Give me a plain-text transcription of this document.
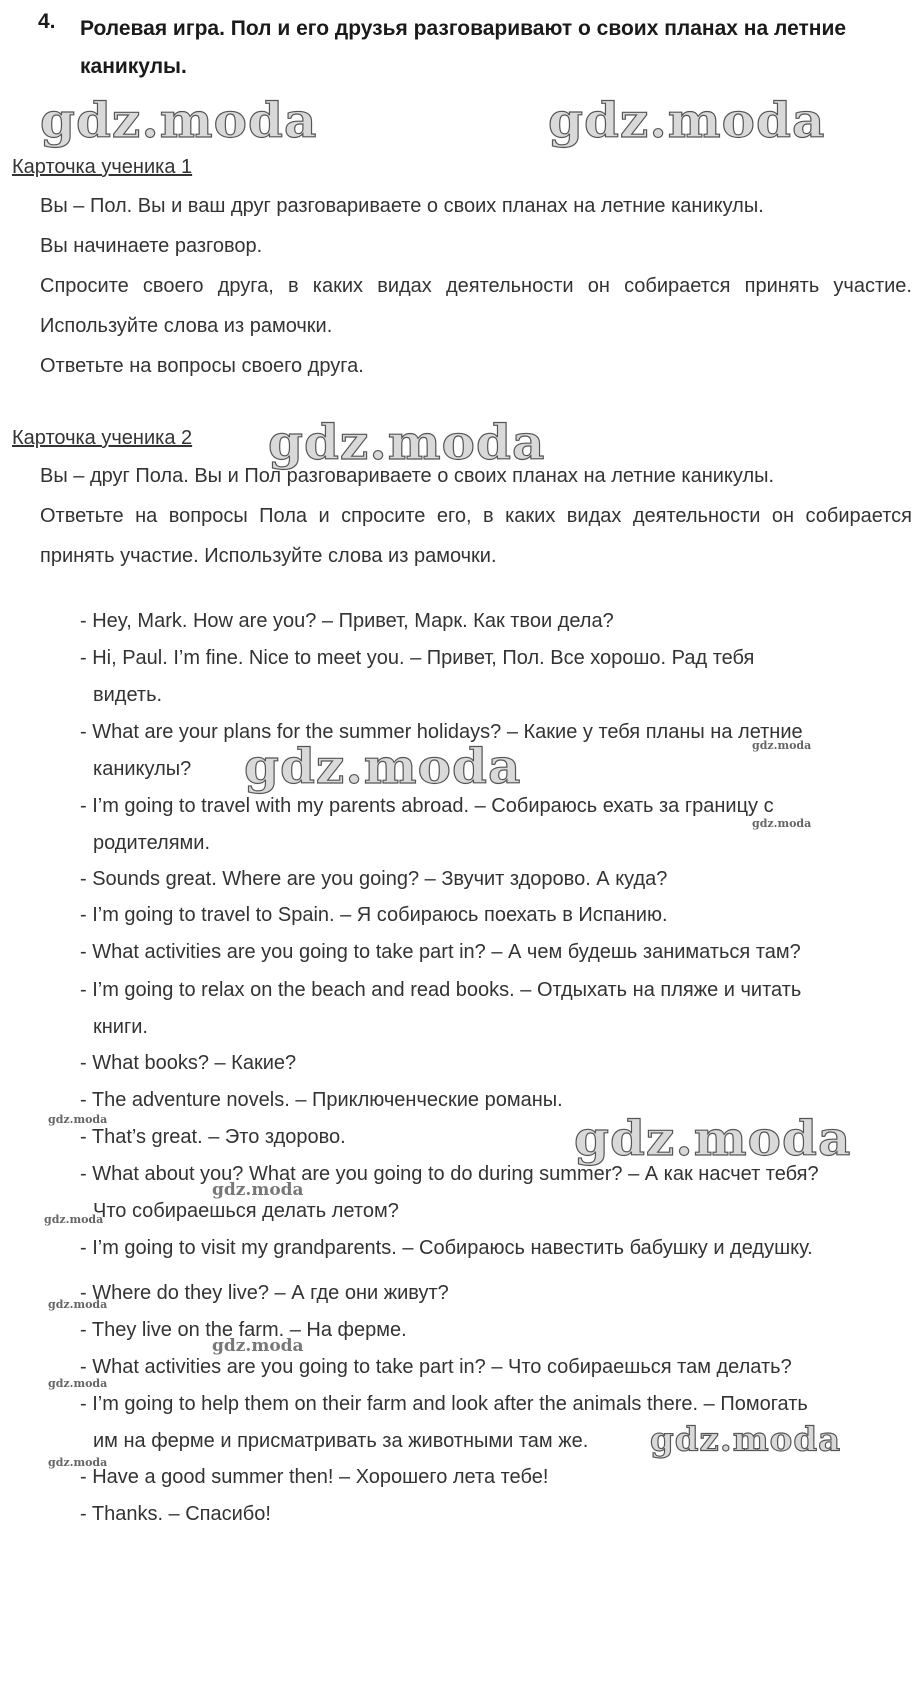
4. Ролевая игра. Пол и его друзья разговаривают о своих планах на летние каникулы.
Карточка ученика 1

Вы – Пол. Вы и ваш друг разговариваете о своих планах на летние каникулы.

Вы начинаете разговор.

Спросите своего друга, в каких видах деятельности он собирается принять участие. Используйте слова из рамочки.

Ответьте на вопросы своего друга.

Карточка ученика 2

Вы – друг Пола. Вы и Пол разговариваете о своих планах на летние каникулы.

Ответьте на вопросы Пола и спросите его, в каких видах деятельности он собирается принять участие. Используйте слова из рамочки.

- Hey, Mark. How are you? – Привет, Марк. Как твои дела?
- Hi, Paul. I’m fine. Nice to meet you. – Привет, Пол. Все хорошо. Рад тебя
видеть.
- What are your plans for the summer holidays? – Какие у тебя планы на летние
каникулы?
- I’m going to travel with my parents abroad. – Собираюсь ехать за границу с
родителями.
- Sounds great. Where are you going? – Звучит здорово. А куда?
- I’m going to travel to Spain. – Я собираюсь поехать в Испанию.
- What activities are you going to take part in? – А чем будешь заниматься там?
- I’m going to relax on the beach and read books. – Отдыхать на пляже и читать
книги.
- What books? – Какие?
- The adventure novels. – Приключенческие романы.
- That’s great. – Это здорово.
- What about you? What are you going to do during summer? – А как насчет тебя?
Что собираешься делать летом?
- I’m going to visit my grandparents. – Собираюсь навестить бабушку и дедушку.
- Where do they live? – А где они живут?
- They live on the farm. – На ферме.
- What activities are you going to take part in? – Что собираешься там делать?
- I’m going to help them on their farm and look after the animals there. – Помогать
им на ферме и присматривать за животными там же.
- Have a good summer then! – Хорошего лета тебе!
- Thanks. – Спасибо!
gdz.moda	gdz.moda
gdz.moda
gdz.moda
gdz.moda
gdz.moda
gdz.moda
gdz.moda
gdz.moda
gdz.moda
gdz.moda
gdz.moda
gdz.moda
gdz.moda
gdz.moda
